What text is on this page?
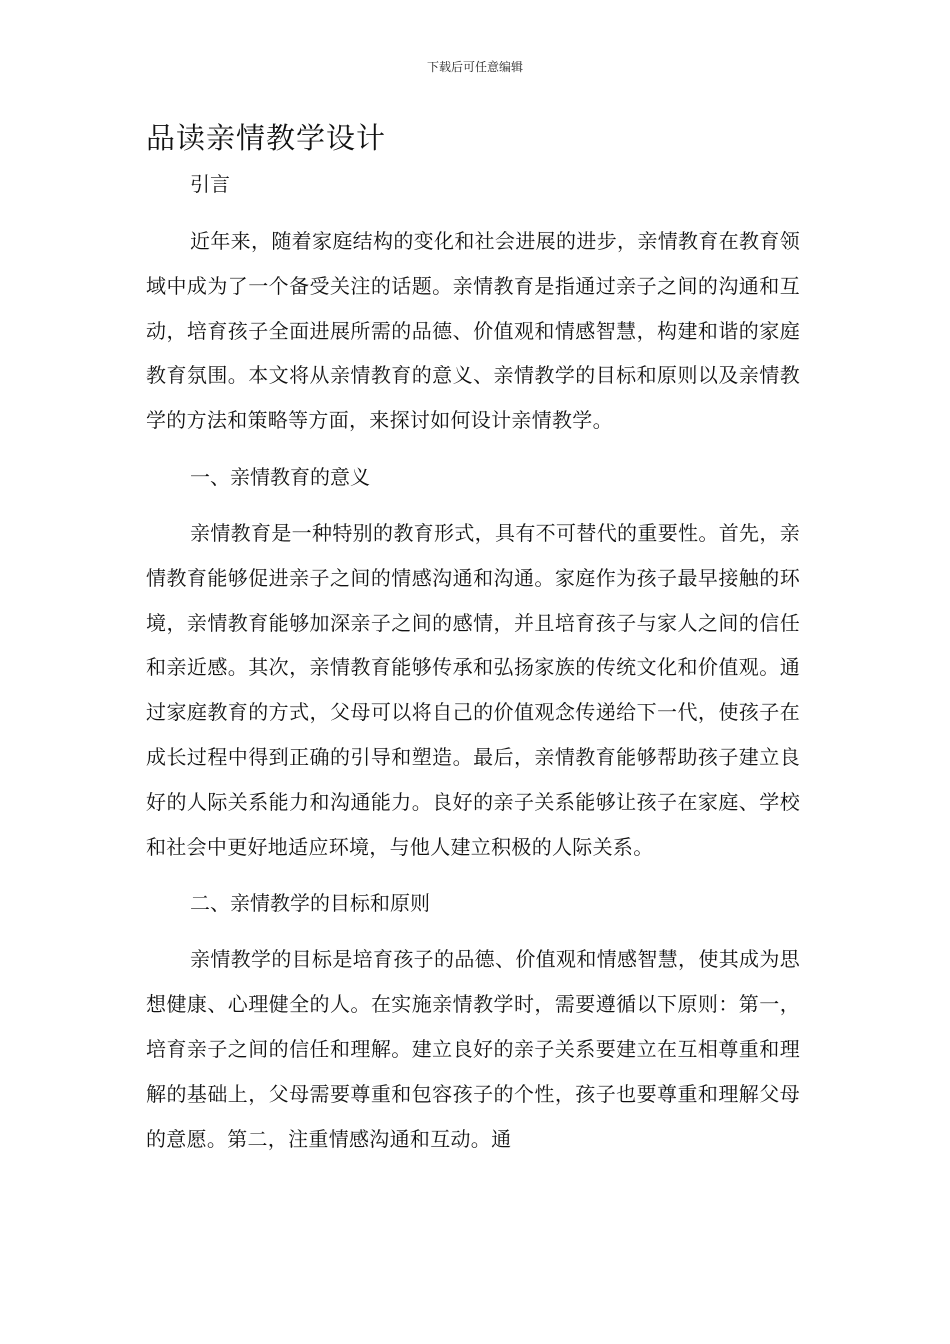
下载后可任意编辑
品读亲情教学设计
引言

近年来，随着家庭结构的变化和社会进展的进步，亲情教育在教育领域中成为了一个备受关注的话题。亲情教育是指通过亲子之间的沟通和互动，培育孩子全面进展所需的品德、价值观和情感智慧，构建和谐的家庭教育氛围。本文将从亲情教育的意义、亲情教学的目标和原则以及亲情教学的方法和策略等方面，来探讨如何设计亲情教学。

一、亲情教育的意义

亲情教育是一种特别的教育形式，具有不可替代的重要性。首先，亲情教育能够促进亲子之间的情感沟通和沟通。家庭作为孩子最早接触的环境，亲情教育能够加深亲子之间的感情，并且培育孩子与家人之间的信任和亲近感。其次，亲情教育能够传承和弘扬家族的传统文化和价值观。通过家庭教育的方式，父母可以将自己的价值观念传递给下一代，使孩子在成长过程中得到正确的引导和塑造。最后，亲情教育能够帮助孩子建立良好的人际关系能力和沟通能力。良好的亲子关系能够让孩子在家庭、学校和社会中更好地适应环境，与他人建立积极的人际关系。

二、亲情教学的目标和原则

亲情教学的目标是培育孩子的品德、价值观和情感智慧，使其成为思想健康、心理健全的人。在实施亲情教学时，需要遵循以下原则：第一，培育亲子之间的信任和理解。建立良好的亲子关系要建立在互相尊重和理解的基础上，父母需要尊重和包容孩子的个性，孩子也要尊重和理解父母的意愿。第二，注重情感沟通和互动。通
